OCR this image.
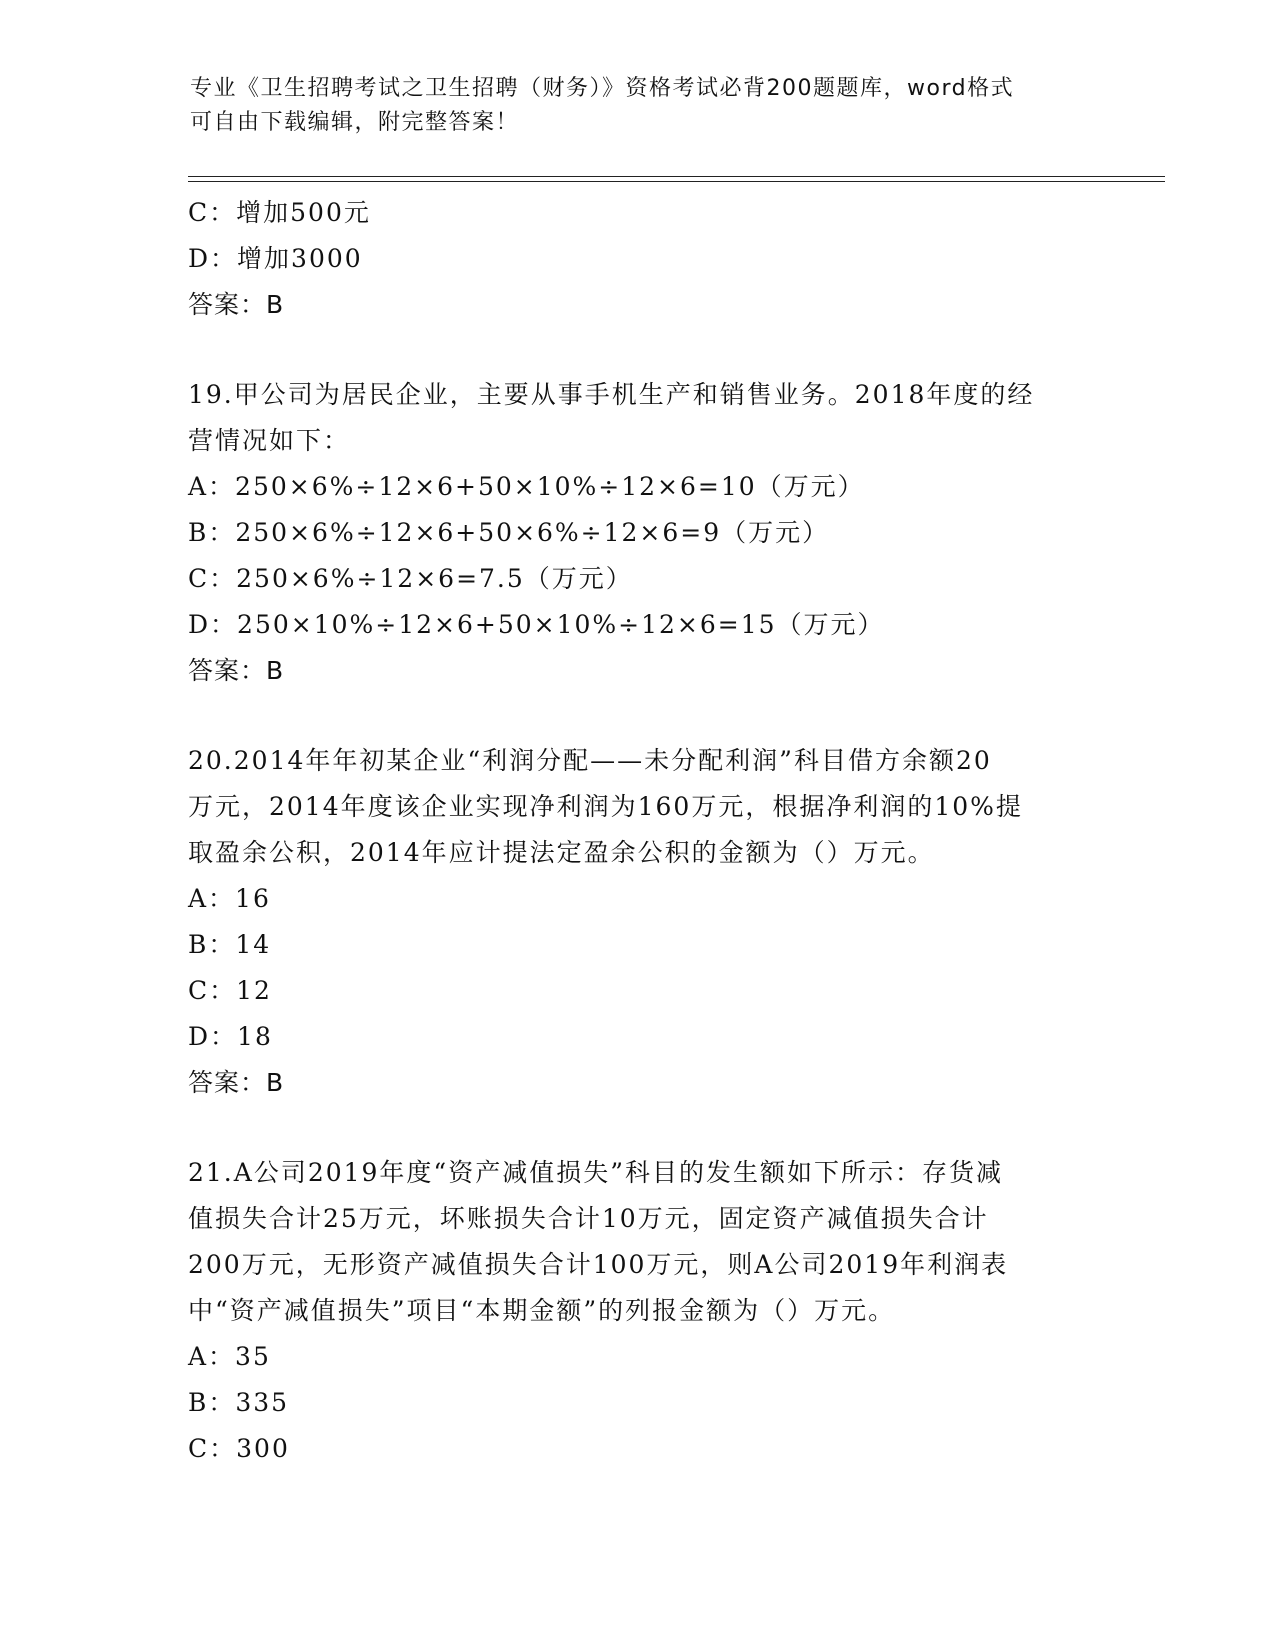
专业《卫生招聘考试之卫生招聘（财务）》资格考试必背200题题库，word格式
可自由下载编辑，附完整答案！
C：增加500元
D：增加3000
答案：B
19.甲公司为居民企业，主要从事手机生产和销售业务。2018年度的经
营情况如下：
A：250×6%÷12×6+50×10%÷12×6=10（万元）
B：250×6%÷12×6+50×6%÷12×6=9（万元）
C：250×6%÷12×6=7.5（万元）
D：250×10%÷12×6+50×10%÷12×6=15（万元）
答案：B
20.2014年年初某企业“利润分配——未分配利润”科目借方余额20
万元，2014年度该企业实现净利润为160万元，根据净利润的10%提
取盈余公积，2014年应计提法定盈余公积的金额为（）万元。
A：16
B：14
C：12
D：18
答案：B
21.A公司2019年度“资产减值损失”科目的发生额如下所示：存货减
值损失合计25万元，坏账损失合计10万元，固定资产减值损失合计
200万元，无形资产减值损失合计100万元，则A公司2019年利润表
中“资产减值损失”项目“本期金额”的列报金额为（）万元。
A：35
B：335
C：300
